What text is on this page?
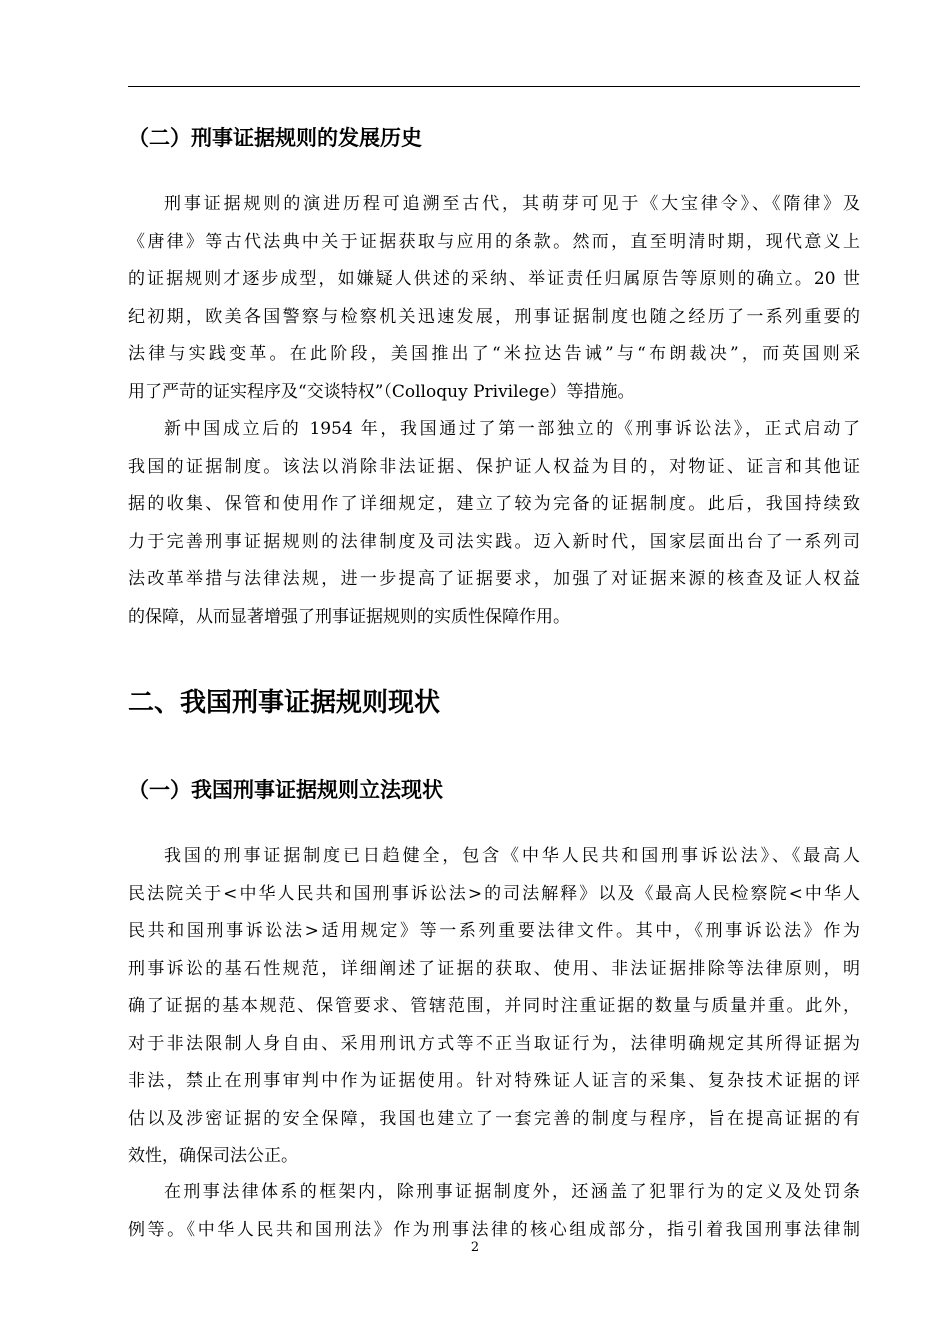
（二）刑事证据规则的发展历史
刑事证据规则的演进历程可追溯至古代，其萌芽可见于《大宝律令》、《隋律》及
《唐律》等古代法典中关于证据获取与应用的条款。然而，直至明清时期，现代意义上
的证据规则才逐步成型，如嫌疑人供述的采纳、举证责任归属原告等原则的确立。20 世
纪初期，欧美各国警察与检察机关迅速发展，刑事证据制度也随之经历了一系列重要的
法律与实践变革。在此阶段，美国推出了“米拉达告诫”与“布朗裁决”，而英国则采
用了严苛的证实程序及“交谈特权”（Colloquy Privilege）等措施。
新中国成立后的 1954 年，我国通过了第一部独立的《刑事诉讼法》，正式启动了
我国的证据制度。该法以消除非法证据、保护证人权益为目的，对物证、证言和其他证
据的收集、保管和使用作了详细规定，建立了较为完备的证据制度。此后，我国持续致
力于完善刑事证据规则的法律制度及司法实践。迈入新时代，国家层面出台了一系列司
法改革举措与法律法规，进一步提高了证据要求，加强了对证据来源的核查及证人权益
的保障，从而显著增强了刑事证据规则的实质性保障作用。
二、我国刑事证据规则现状
（一）我国刑事证据规则立法现状
我国的刑事证据制度已日趋健全，包含《中华人民共和国刑事诉讼法》、《最高人
民法院关于<中华人民共和国刑事诉讼法>的司法解释》以及《最高人民检察院<中华人
民共和国刑事诉讼法>适用规定》等一系列重要法律文件。其中，《刑事诉讼法》作为
刑事诉讼的基石性规范，详细阐述了证据的获取、使用、非法证据排除等法律原则，明
确了证据的基本规范、保管要求、管辖范围，并同时注重证据的数量与质量并重。此外，
对于非法限制人身自由、采用刑讯方式等不正当取证行为，法律明确规定其所得证据为
非法，禁止在刑事审判中作为证据使用。针对特殊证人证言的采集、复杂技术证据的评
估以及涉密证据的安全保障，我国也建立了一套完善的制度与程序，旨在提高证据的有
效性，确保司法公正。
在刑事法律体系的框架内，除刑事证据制度外，还涵盖了犯罪行为的定义及处罚条
例等。《中华人民共和国刑法》作为刑事法律的核心组成部分，指引着我国刑事法律制
2
